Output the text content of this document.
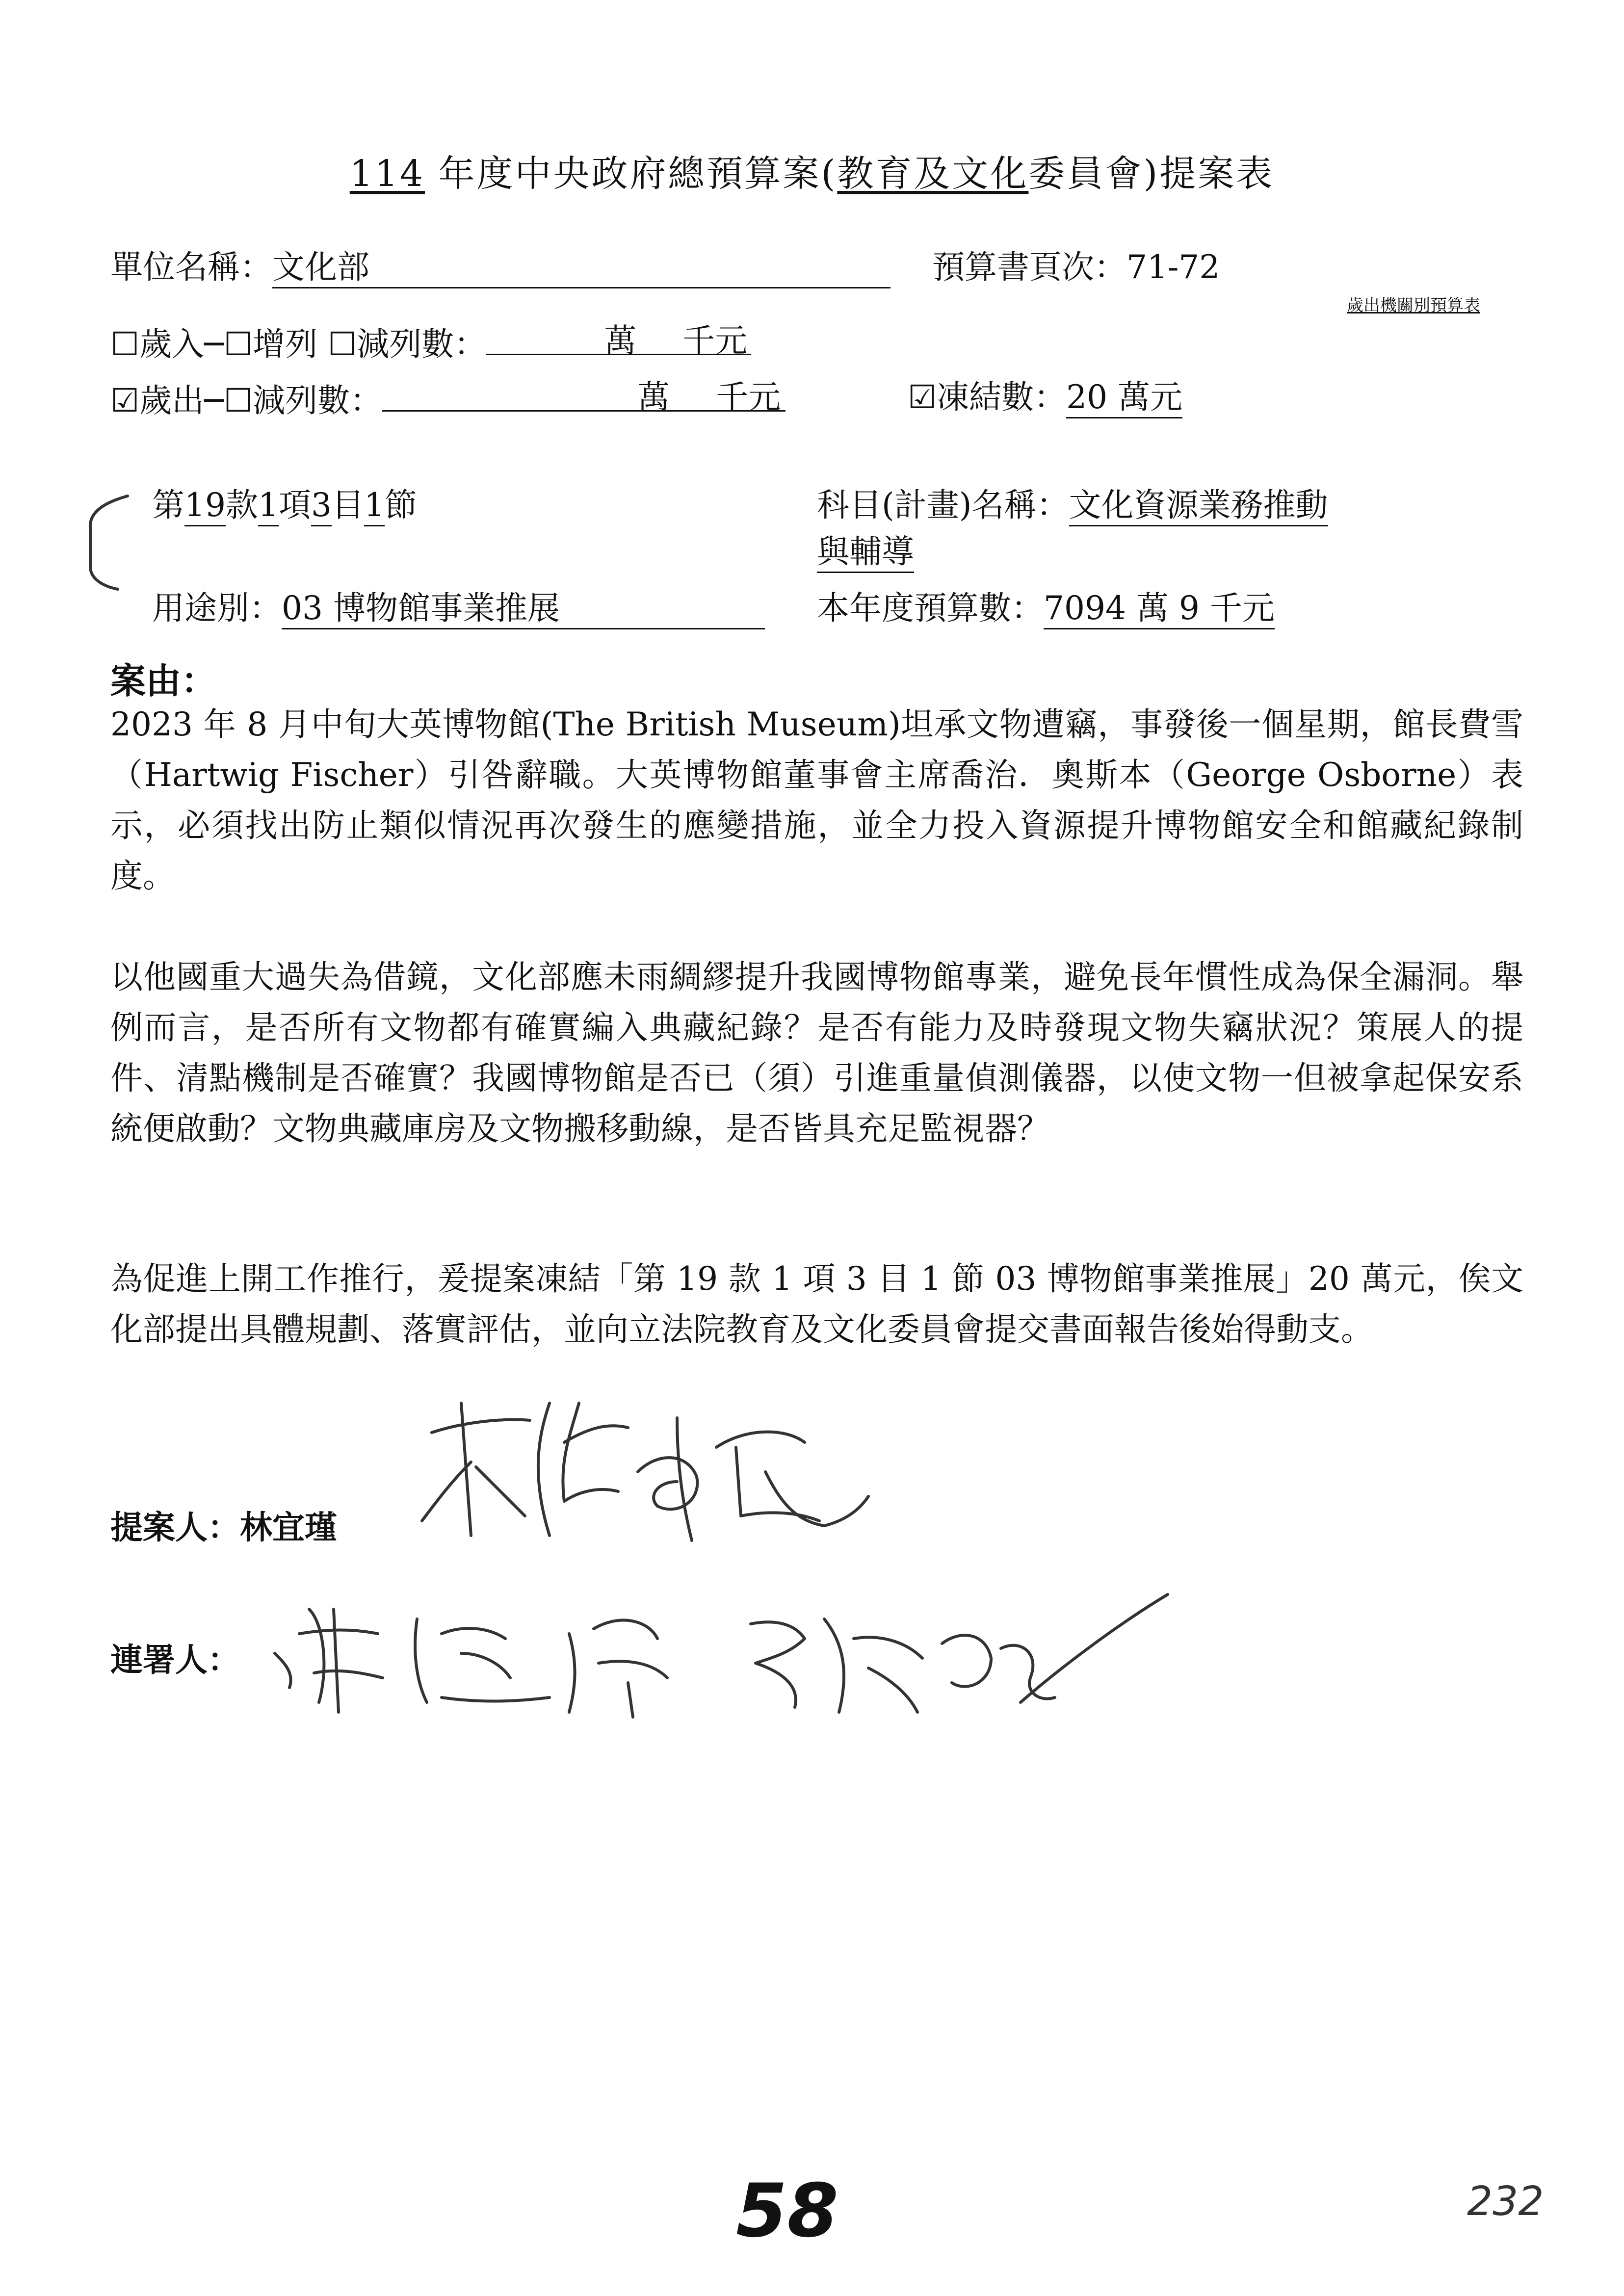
114 年度中央政府總預算案(教育及文化委員會)提案表
單位名稱：文化部	預算書頁次：71-72
歲出機關別預算表
☐歲入─☐增列 ☐減列數：	萬 千元
☑歲出─☐減列數：	萬 千元	☑凍結數：20 萬元
第19款1項3目1節	科目(計畫)名稱：文化資源業務推動
與輔導
用途別：03 博物館事業推展	本年度預算數：7094 萬 9 千元
案由：
2023 年 8 月中旬大英博物館(The British Museum)坦承文物遭竊，事發後一個星期，館長費雪（Hartwig Fischer）引咎辭職。大英博物館董事會主席喬治．奧斯本（George Osborne）表示，必須找出防止類似情況再次發生的應變措施，並全力投入資源提升博物館安全和館藏紀錄制度。
以他國重大過失為借鏡，文化部應未雨綢繆提升我國博物館專業，避免長年慣性成為保全漏洞。舉例而言，是否所有文物都有確實編入典藏紀錄？是否有能力及時發現文物失竊狀況？策展人的提件、清點機制是否確實？我國博物館是否已（須）引進重量偵測儀器，以使文物一但被拿起保安系統便啟動？文物典藏庫房及文物搬移動線，是否皆具充足監視器？
為促進上開工作推行，爰提案凍結「第 19 款 1 項 3 目 1 節 03 博物館事業推展」20 萬元，俟文化部提出具體規劃、落實評估，並向立法院教育及文化委員會提交書面報告後始得動支。
提案人：林宜瑾
連署人：
58	232
